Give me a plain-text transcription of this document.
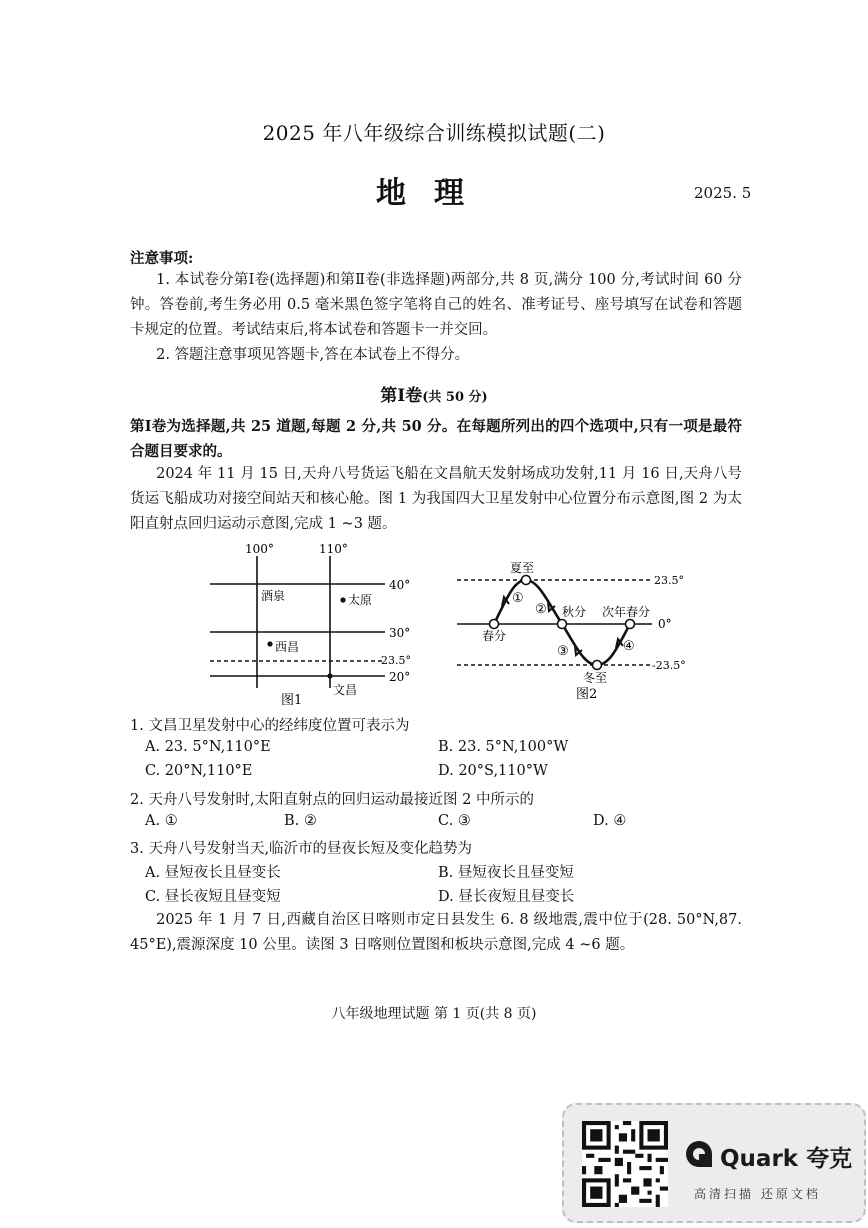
2025 年八年级综合训练模拟试题(二)
地理	2025. 5
注意事项:
1. 本试卷分第Ⅰ卷(选择题)和第Ⅱ卷(非选择题)两部分,共 8 页,满分 100 分,考试时间 60 分钟。答卷前,考生务必用 0.5 毫米黑色签字笔将自己的姓名、准考证号、座号填写在试卷和答题卡规定的位置。考试结束后,将本试卷和答题卡一并交回。
2. 答题注意事项见答题卡,答在本试卷上不得分。
第Ⅰ卷(共 50 分)
第Ⅰ卷为选择题,共 25 道题,每题 2 分,共 50 分。在每题所列出的四个选项中,只有一项是最符合题目要求的。
2024 年 11 月 15 日,天舟八号货运飞船在文昌航天发射场成功发射,11 月 16 日,天舟八号货运飞船成功对接空间站天和核心舱。图 1 为我国四大卫星发射中心位置分布示意图,图 2 为太阳直射点回归运动示意图,完成 1 ~3 题。
100°	110°
40°
30°
23.5°
20°
酒泉	太原
西昌
文昌
图1
23.5°
0°
-23.5°
夏至
春分
秋分
冬至
次年春分
①
②
③	④
图2
1. 文昌卫星发射中心的经纬度位置可表示为
A. 23. 5°N,110°E	B. 23. 5°N,100°W
C. 20°N,110°E	D. 20°S,110°W
2. 天舟八号发射时,太阳直射点的回归运动最接近图 2 中所示的
A. ①	B. ②	C. ③	D. ④
3. 天舟八号发射当天,临沂市的昼夜长短及变化趋势为
A. 昼短夜长且昼变长	B. 昼短夜长且昼变短
C. 昼长夜短且昼变短	D. 昼长夜短且昼变长
2025 年 1 月 7 日,西藏自治区日喀则市定日县发生 6. 8 级地震,震中位于(28. 50°N,87. 45°E),震源深度 10 公里。读图 3 日喀则位置图和板块示意图,完成 4 ~6 题。
八年级地理试题 第 1 页(共 8 页)
Quark 夸克
高清扫描 还原文档
